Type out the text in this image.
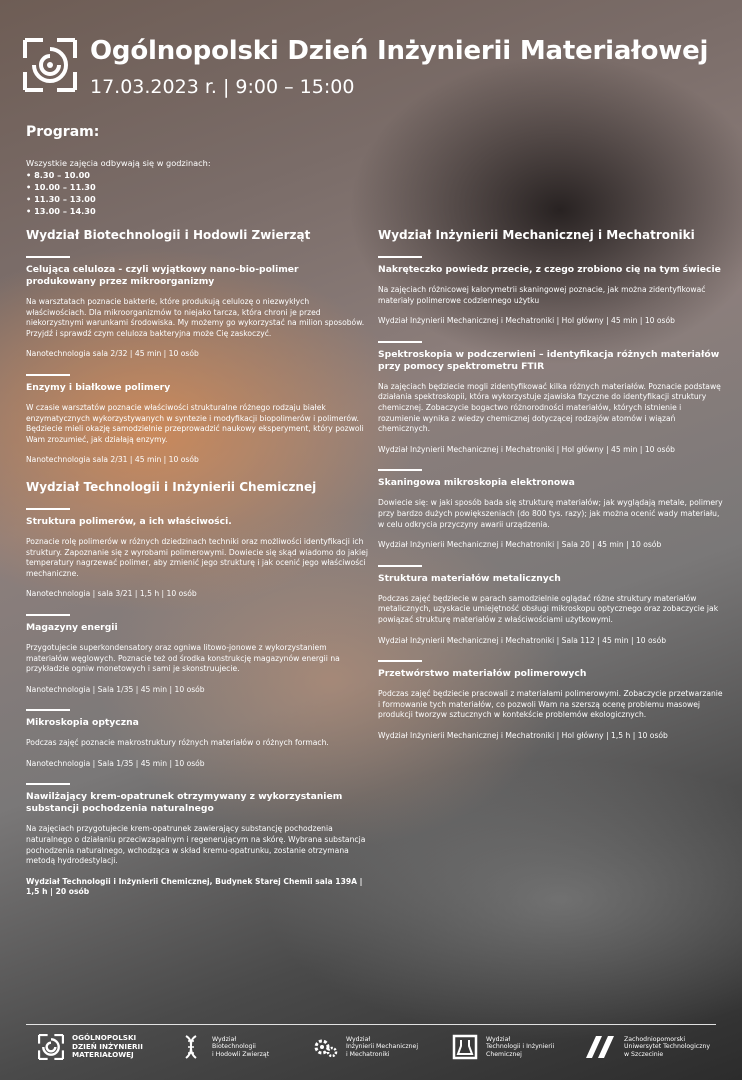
Ogólnopolski Dzień Inżynierii Materiałowej
17.03.2023 r. | 9:00 – 15:00
Program:
Wszystkie zajęcia odbywają się w godzinach:
• 8.30 – 10.00
• 10.00 – 11.30
• 11.30 – 13.00
• 13.00 – 14.30
Wydział Biotechnologii i Hodowli Zwierząt
Celująca celuloza - czyli wyjątkowy nano-bio-polimer produkowany przez mikroorganizmy
Na warsztatach poznacie bakterie, które produkują celulozę o niezwykłych właściwościach. Dla mikroorganizmów to niejako tarcza, która chroni je przed niekorzystnymi warunkami środowiska. My możemy go wykorzystać na milion sposobów. Przyjdź i sprawdź czym celuloza bakteryjna może Cię zaskoczyć.
Nanotechnologia sala 2/32 | 45 min | 10 osób
Enzymy i białkowe polimery
W czasie warsztatów poznacie właściwości strukturalne różnego rodzaju białek enzymatycznych wykorzystywanych w syntezie i modyfikacji biopolimerów i polimerów. Będziecie mieli okazję samodzielnie przeprowadzić naukowy eksperyment, który pozwoli Wam zrozumieć, jak działają enzymy.
Nanotechnologia sala 2/31 | 45 min | 10 osób
Wydział Technologii i Inżynierii Chemicznej
Struktura polimerów, a ich właściwości.
Poznacie rolę polimerów w różnych dziedzinach techniki oraz możliwości identyfikacji ich struktury. Zapoznanie się z wyrobami polimerowymi. Dowiecie się skąd wiadomo do jakiej temperatury nagrzewać polimer, aby zmienić jego strukturę i jak ocenić jego właściwości mechaniczne.
Nanotechnologia | sala 3/21 | 1,5 h | 10 osób
Magazyny energii
Przygotujecie superkondensatory oraz ogniwa litowo-jonowe z wykorzystaniem materiałów węglowych. Poznacie też od środka konstrukcję magazynów energii na przykładzie ogniw monetowych i sami je skonstruujecie.
Nanotechnologia | Sala 1/35 | 45 min | 10 osób
Mikroskopia optyczna
Podczas zajęć poznacie makrostruktury różnych materiałów o różnych formach.
Nanotechnologia | Sala 1/35 | 45 min | 10 osób
Nawilżający krem-opatrunek otrzymywany z wykorzystaniem substancji pochodzenia naturalnego
Na zajęciach przygotujecie krem-opatrunek zawierający substancję pochodzenia naturalnego o działaniu przeciwzapalnym i regenerującym na skórę. Wybrana substancja pochodzenia naturalnego, wchodząca w skład kremu-opatrunku, zostanie otrzymana metodą hydrodestylacji.
Wydział Technologii i Inżynierii Chemicznej, Budynek Starej Chemii sala 139A | 1,5 h | 20 osób
Wydział Inżynierii Mechanicznej i Mechatroniki
Nakręteczko powiedz przecie, z czego zrobiono cię na tym świecie
Na zajęciach różnicowej kalorymetrii skaningowej poznacie, jak można zidentyfikować materiały polimerowe codziennego użytku
Wydział Inżynierii Mechanicznej i Mechatroniki | Hol główny | 45 min | 10 osób
Spektroskopia w podczerwieni – identyfikacja różnych materiałów przy pomocy spektrometru FTIR
Na zajęciach będziecie mogli zidentyfikować kilka różnych materiałów. Poznacie podstawę działania spektroskopii, która wykorzystuje zjawiska fizyczne do identyfikacji struktury chemicznej. Zobaczycie bogactwo różnorodności materiałów, których istnienie i rozumienie wynika z wiedzy chemicznej dotyczącej rodzajów atomów i wiązań chemicznych.
Wydział Inżynierii Mechanicznej i Mechatroniki | Hol główny | 45 min | 10 osób
Skaningowa mikroskopia elektronowa
Dowiecie się: w jaki sposób bada się strukturę materiałów; jak wyglądają metale, polimery przy bardzo dużych powiększeniach (do 800 tys. razy); jak można ocenić wady materiału, w celu odkrycia przyczyny awarii urządzenia.
Wydział Inżynierii Mechanicznej i Mechatroniki | Sala 20 | 45 min | 10 osób
Struktura materiałów metalicznych
Podczas zajęć będziecie w parach samodzielnie oglądać różne struktury materiałów metalicznych, uzyskacie umiejętność obsługi mikroskopu optycznego oraz zobaczycie jak powiązać strukturę materiałów z właściwościami użytkowymi.
Wydział Inżynierii Mechanicznej i Mechatroniki | Sala 112 | 45 min | 10 osób
Przetwórstwo materiałów polimerowych
Podczas zajęć będziecie pracowali z materiałami polimerowymi. Zobaczycie przetwarzanie i formowanie tych materiałów, co pozwoli Wam na szerszą ocenę problemu masowej produkcji tworzyw sztucznych w kontekście problemów ekologicznych.
Wydział Inżynierii Mechanicznej i Mechatroniki | Hol główny | 1,5 h | 10 osób
OGÓLNOPOLSKI
DZIEŃ INŻYNIERII
MATERIAŁOWEJ
Wydział
Biotechnologii
i Hodowli Zwierząt
Wydział
Inżynierii Mechanicznej
i Mechatroniki
Wydział
Technologii i Inżynierii
Chemicznej
Zachodniopomorski
Uniwersytet Technologiczny
w Szczecinie
